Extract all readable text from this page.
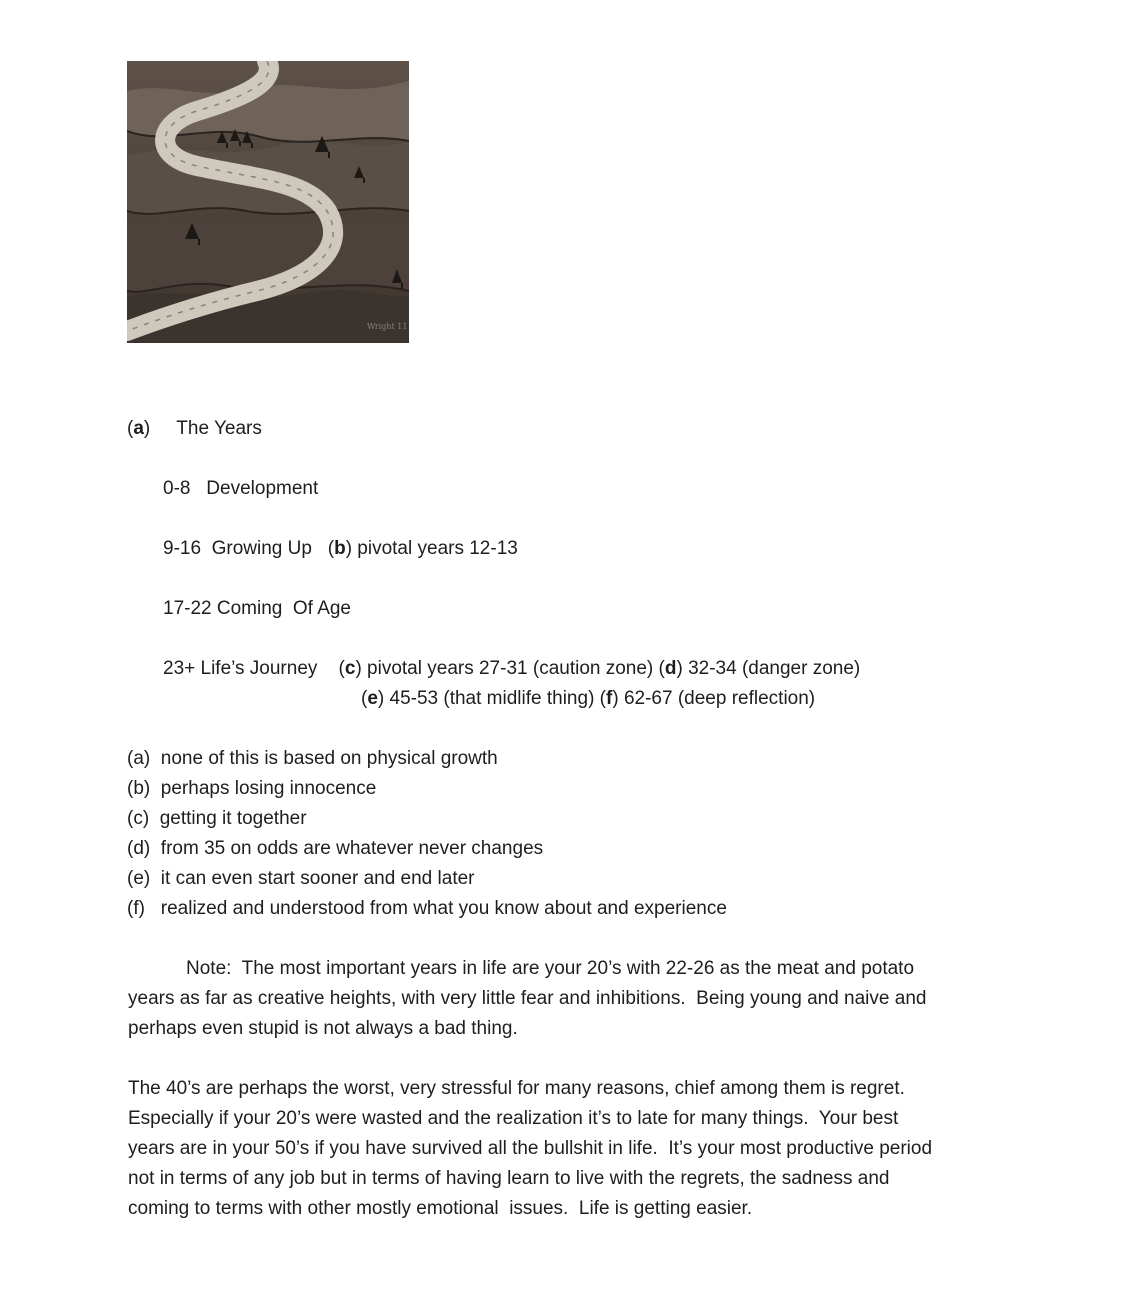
Wright 11
(a) The Years
0-8   Development
9-16  Growing Up   (b) pivotal years 12-13
17-22 Coming  Of Age
23+ Life’s Journey    (c) pivotal years 27-31 (caution zone) (d) 32-34 (danger zone)
(e) 45-53 (that midlife thing) (f) 62-67 (deep reflection)
(a) none of this is based on physical growth
(b) perhaps losing innocence
(c) getting it together
(d) from 35 on odds are whatever never changes
(e) it can even start sooner and end later
(f) realized and understood from what you know about and experience
Note:  The most important years in life are your 20’s with 22-26 as the meat and potato
years as far as creative heights, with very little fear and inhibitions.  Being young and naive and
perhaps even stupid is not always a bad thing.
The 40’s are perhaps the worst, very stressful for many reasons, chief among them is regret.
Especially if your 20’s were wasted and the realization it’s to late for many things.  Your best
years are in your 50’s if you have survived all the bullshit in life.  It’s your most productive period
not in terms of any job but in terms of having learn to live with the regrets, the sadness and
coming to terms with other mostly emotional  issues.  Life is getting easier.
